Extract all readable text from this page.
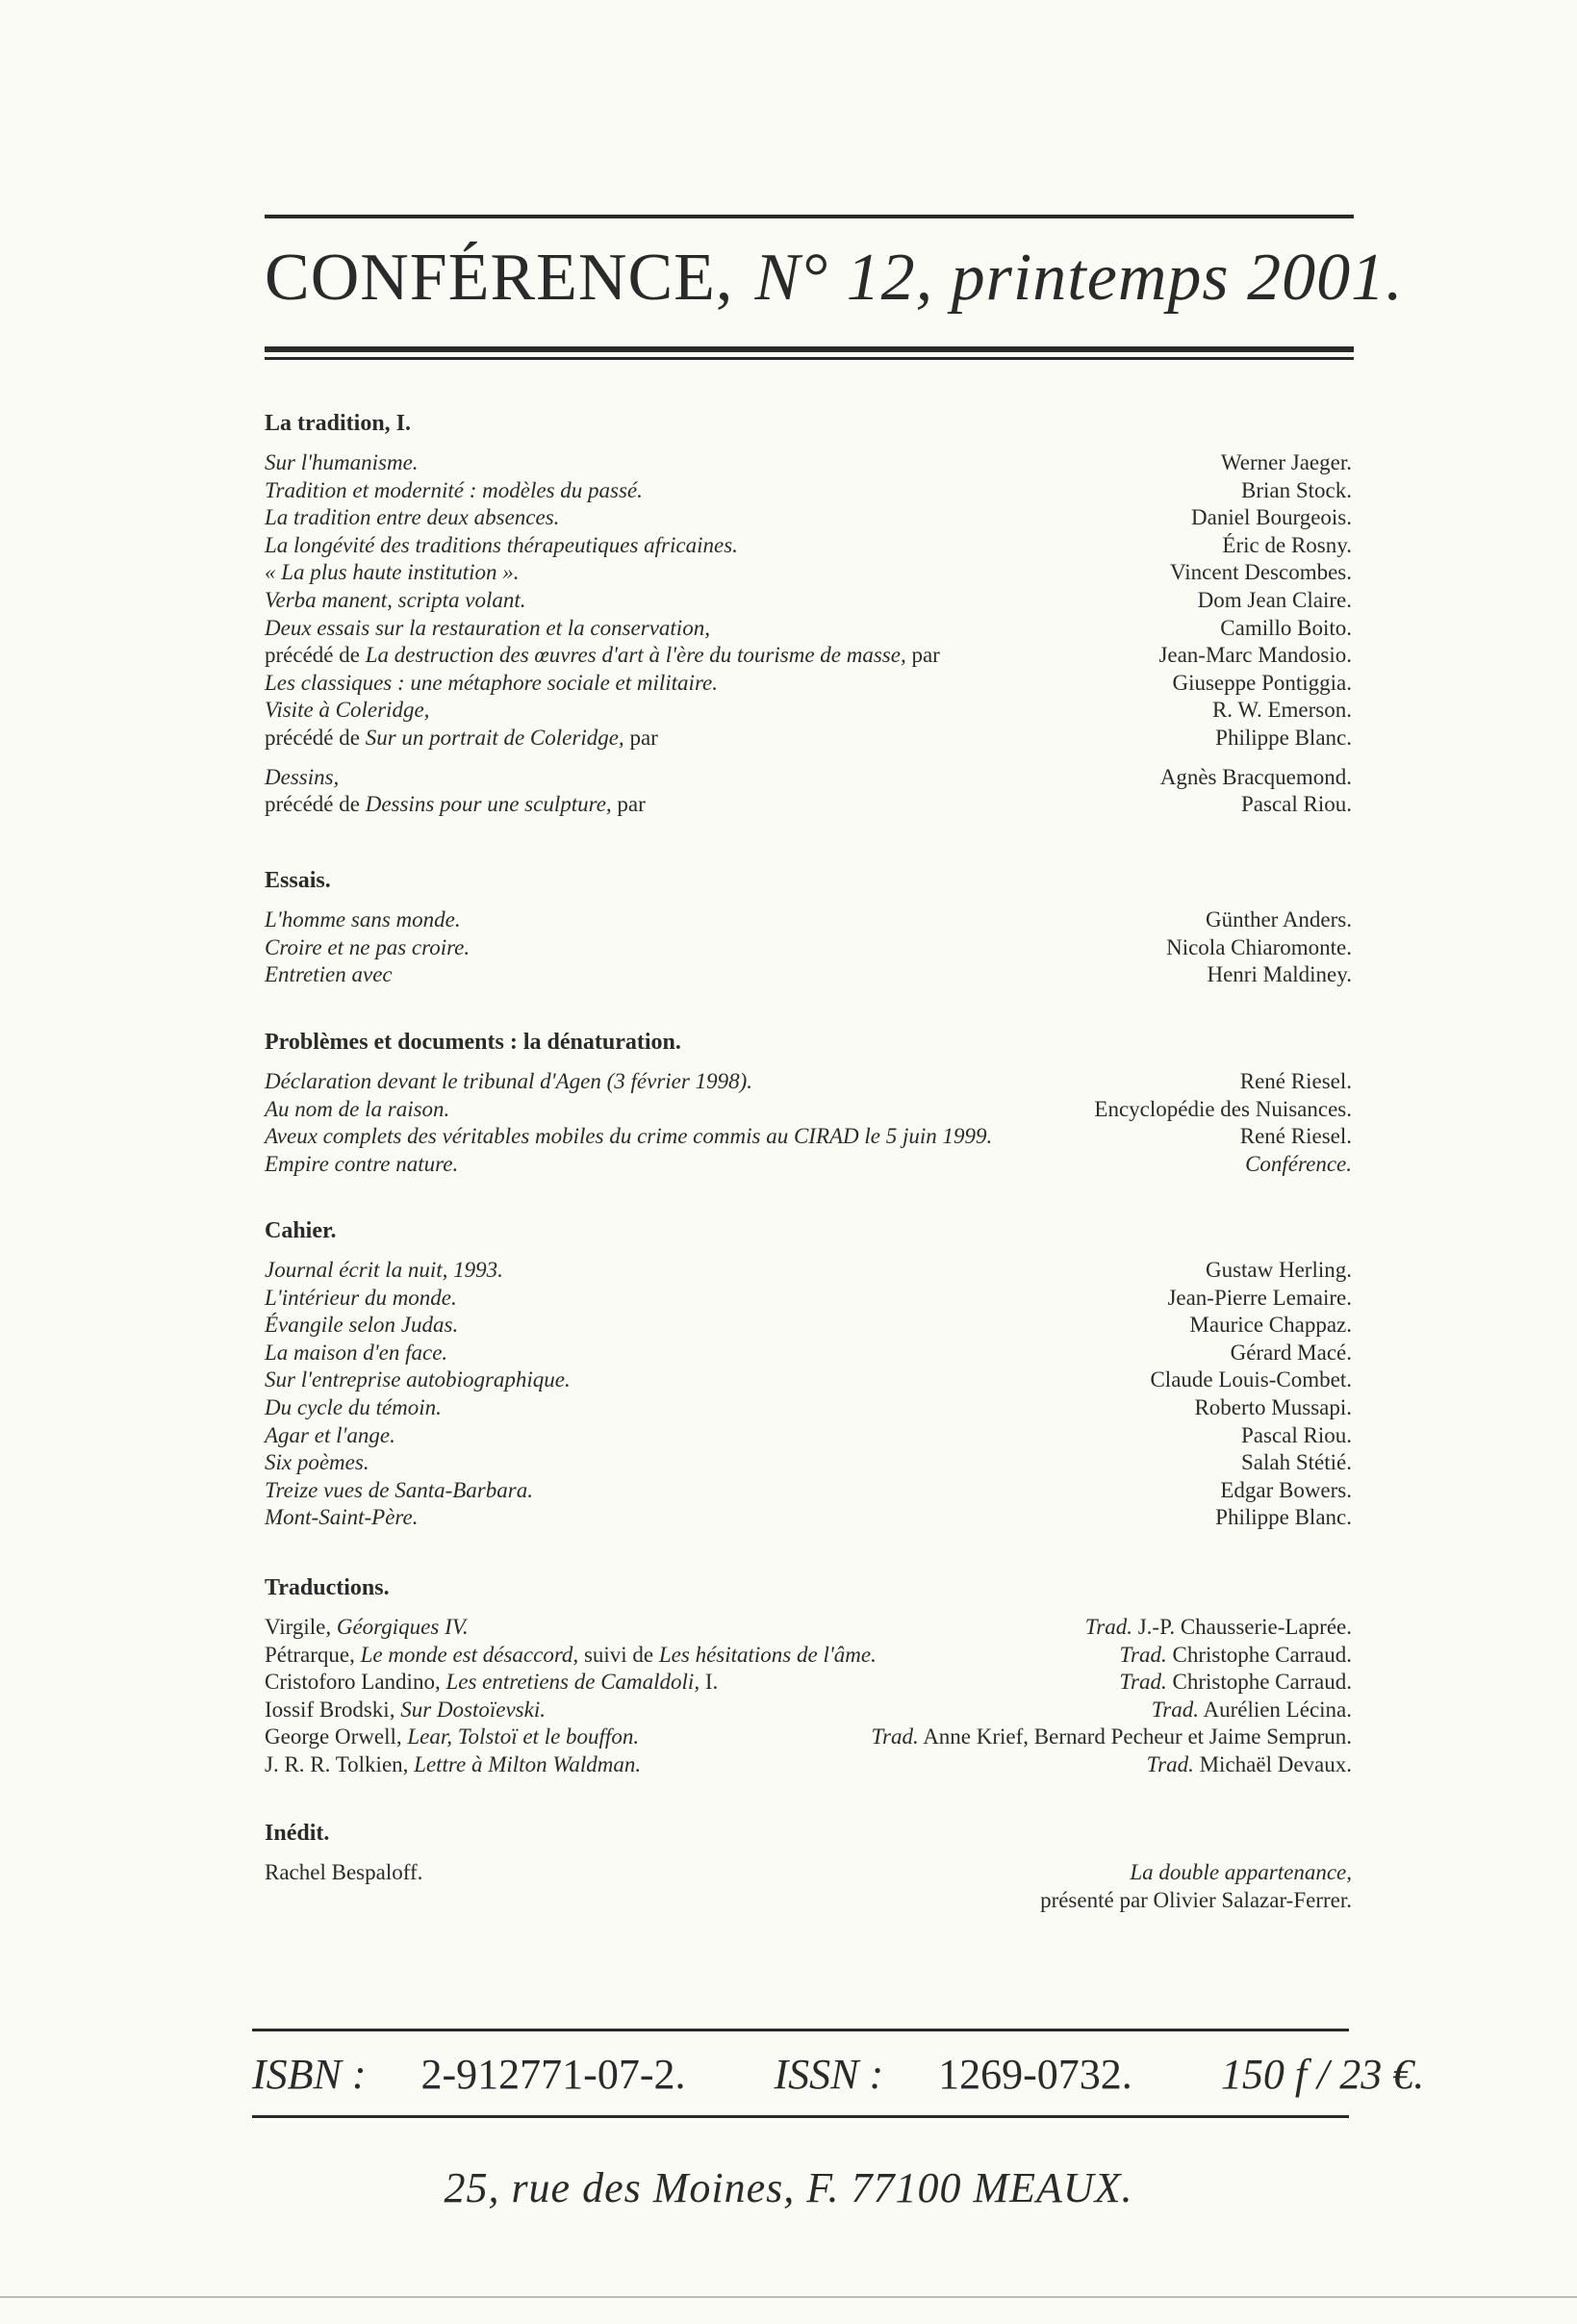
CONFÉRENCE, N° 12, printemps 2001.
La tradition, I.
Sur l'humanisme.	Werner Jaeger.
Tradition et modernité : modèles du passé.	Brian Stock.
La tradition entre deux absences.	Daniel Bourgeois.
La longévité des traditions thérapeutiques africaines.	Éric de Rosny.
« La plus haute institution ».	Vincent Descombes.
Verba manent, scripta volant.	Dom Jean Claire.
Deux essais sur la restauration et la conservation,	Camillo Boito.
précédé de La destruction des œuvres d'art à l'ère du tourisme de masse, par	Jean-Marc Mandosio.
Les classiques : une métaphore sociale et militaire.	Giuseppe Pontiggia.
Visite à Coleridge,	R. W. Emerson.
précédé de Sur un portrait de Coleridge, par	Philippe Blanc.
Dessins,	Agnès Bracquemond.
précédé de Dessins pour une sculpture, par	Pascal Riou.
Essais.
L'homme sans monde.	Günther Anders.
Croire et ne pas croire.	Nicola Chiaromonte.
Entretien avec	Henri Maldiney.
Problèmes et documents : la dénaturation.
Déclaration devant le tribunal d'Agen (3 février 1998).	René Riesel.
Au nom de la raison.	Encyclopédie des Nuisances.
Aveux complets des véritables mobiles du crime commis au CIRAD le 5 juin 1999.	René Riesel.
Empire contre nature.	Conférence.
Cahier.
Journal écrit la nuit, 1993.	Gustaw Herling.
L'intérieur du monde.	Jean-Pierre Lemaire.
Évangile selon Judas.	Maurice Chappaz.
La maison d'en face.	Gérard Macé.
Sur l'entreprise autobiographique.	Claude Louis-Combet.
Du cycle du témoin.	Roberto Mussapi.
Agar et l'ange.	Pascal Riou.
Six poèmes.	Salah Stétié.
Treize vues de Santa-Barbara.	Edgar Bowers.
Mont-Saint-Père.	Philippe Blanc.
Traductions.
Virgile, Géorgiques IV.	Trad. J.-P. Chausserie-Laprée.
Pétrarque, Le monde est désaccord, suivi de Les hésitations de l'âme.	Trad. Christophe Carraud.
Cristoforo Landino, Les entretiens de Camaldoli, I.	Trad. Christophe Carraud.
Iossif Brodski, Sur Dostoïevski.	Trad. Aurélien Lécina.
George Orwell, Lear, Tolstoï et le bouffon.	Trad. Anne Krief, Bernard Pecheur et Jaime Semprun.
J. R. R. Tolkien, Lettre à Milton Waldman.	Trad. Michaël Devaux.
Inédit.
Rachel Bespaloff.	La double appartenance,
présenté par Olivier Salazar-Ferrer.
ISBN : 2-912771-07-2. ISSN : 1269-0732. 150 f / 23 €.
25, rue des Moines, F. 77100 MEAUX.
